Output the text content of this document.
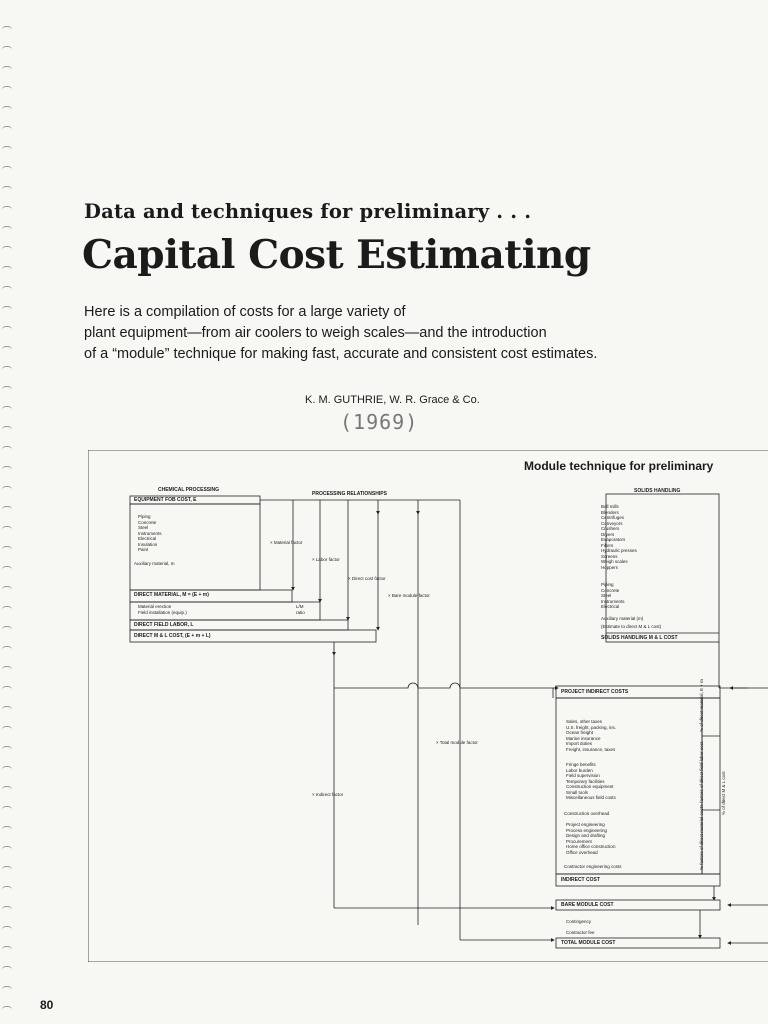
Data and techniques for preliminary . . .
Capital Cost Estimating
Here is a compilation of costs for a large variety of
plant equipment—from air coolers to weigh scales—and the introduction
of a “module” technique for making fast, accurate and consistent cost estimates.
K. M. GUTHRIE, W. R. Grace & Co.
(1969)
Module technique for preliminary
CHEMICAL PROCESSING
PROCESSING RELATIONSHIPS
EQUIPMENT FOB COST, E
Piping
Concrete
Steel
Instruments
Electrical
Insulation
Paint
Auxiliary material, m
DIRECT MATERIAL, M = (E + m)
Material erection
Field installation (equip.)
L/M
ratio
DIRECT FIELD LABOR, L
DIRECT M & L COST, (E + m + L)
× Material factor
× Labor factor
× Direct cost factor
× Bare module factor
× Total module factor
× Indirect factor
SOLIDS HANDLING
Ball mills
Blenders
Centrifuges
Conveyors
Crushers
Dryers
Evaporators
Filters
Hydraulic presses
Screens
Weigh scales
Hoppers
Piping
Concrete
Steel
Instruments
Electrical
Auxiliary material (m)
(Estimate to direct M & L cost)
SOLIDS HANDLING M & L COST
PROJECT INDIRECT COSTS
Sales, other taxes
U.S. freight, packing, ins.
Ocean freight
Marine insurance
Import duties
Freight, insurance, taxes
Fringe benefits
Labor burden
Field supervision
Temporary facilities
Construction equipment
Small tools
Miscellaneous field costs
Construction overhead
Project engineering
Process engineering
Design and drafting
Procurement
Home office construction
Office overhead
Contractor engineering costs
INDIRECT COST
% of direct material, E + m
% factors of direct field labor cost
% factors of direct material cost
% of direct M & L cost
BARE MODULE COST
Contingency
Contractor fee
TOTAL MODULE COST
80
